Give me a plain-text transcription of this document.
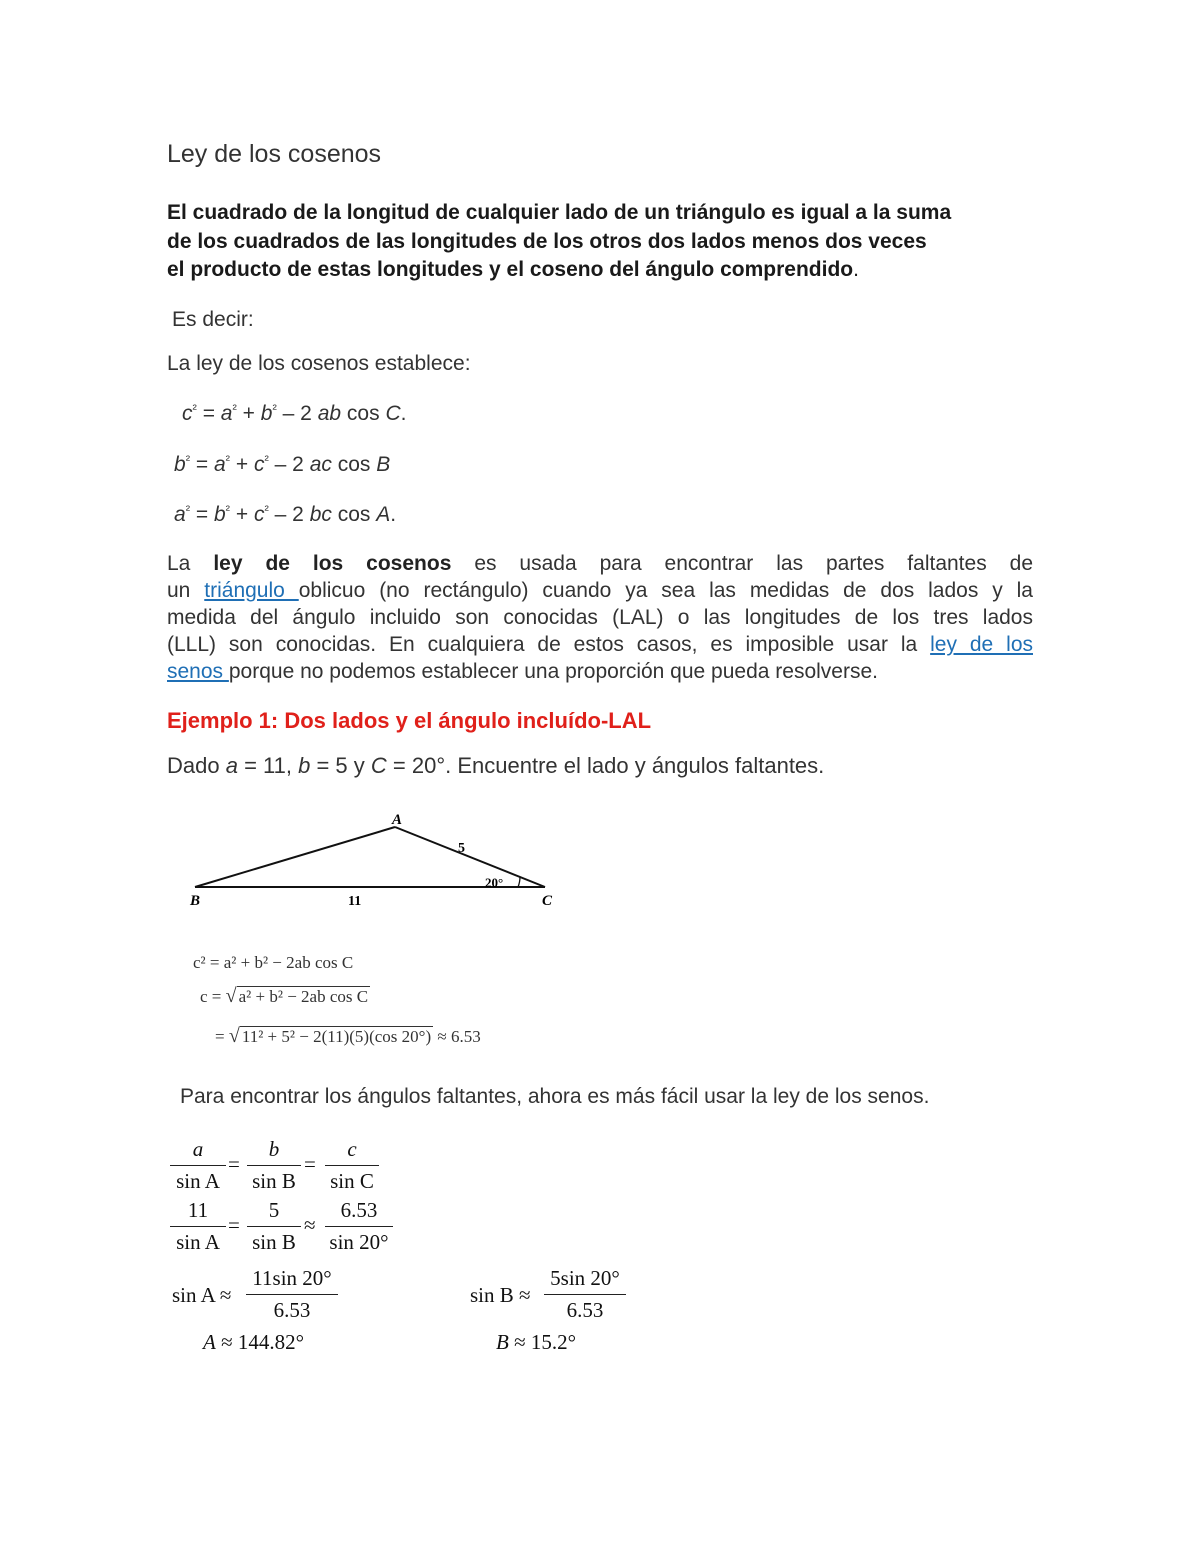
Ley de los cosenos
El cuadrado de la longitud de cualquier lado de un triángulo es igual a la suma
de los cuadrados de las longitudes de los otros dos lados menos dos veces
el producto de estas longitudes y el coseno del ángulo comprendido.
Es decir:
La ley de los cosenos establece:
$c^{^2} = a^{^2} + b^{^2} - 2$ ab cos C.
$b^{^2} = a^{^2} + c^{^2} - 2$ ac cos B
$a^{^2} = b^{^2} + c^{^2} - 2$ bc cos A.
La ley de los cosenos es usada para encontrar las partes faltantes de
un triángulo oblicuo (no rectángulo) cuando ya sea las medidas de dos lados y la
medida del ángulo incluido son conocidas (LAL) o las longitudes de los tres lados
(LLL) son conocidas. En cualquiera de estos casos, es imposible usar la ley de los
senos porque no podemos establecer una proporción que pueda resolverse.
Ejemplo 1: Dos lados y el ángulo incluído-LAL
Dado a = 11, b = 5 y C = 20°. Encuentre el lado y ángulos faltantes.
A
B	C
5
11
20°
c² = a² + b² − 2ab cos C
c = √ a² + b² − 2ab cos C
= √ 11² + 5² − 2(11)(5)(cos 20°) ≈ 6.53
Para encontrar los ángulos faltantes, ahora es más fácil usar la ley de los senos.
$\frac{a}{\text{sin A}} = \frac{b}{\text{sin B}} = \frac{c}{\text{sin C}}$
$\frac{11}{\text{sin A}} = \frac{5}{\text{sin B}} \approx \frac{6.53}{\sin 20^\circ}$
$\sin A \approx \frac{11\sin 20^\circ}{6.53}$
A ≈ 144.82°
$\sin B \approx \frac{5\sin 20^\circ}{6.53}$
B ≈ 15.2°
